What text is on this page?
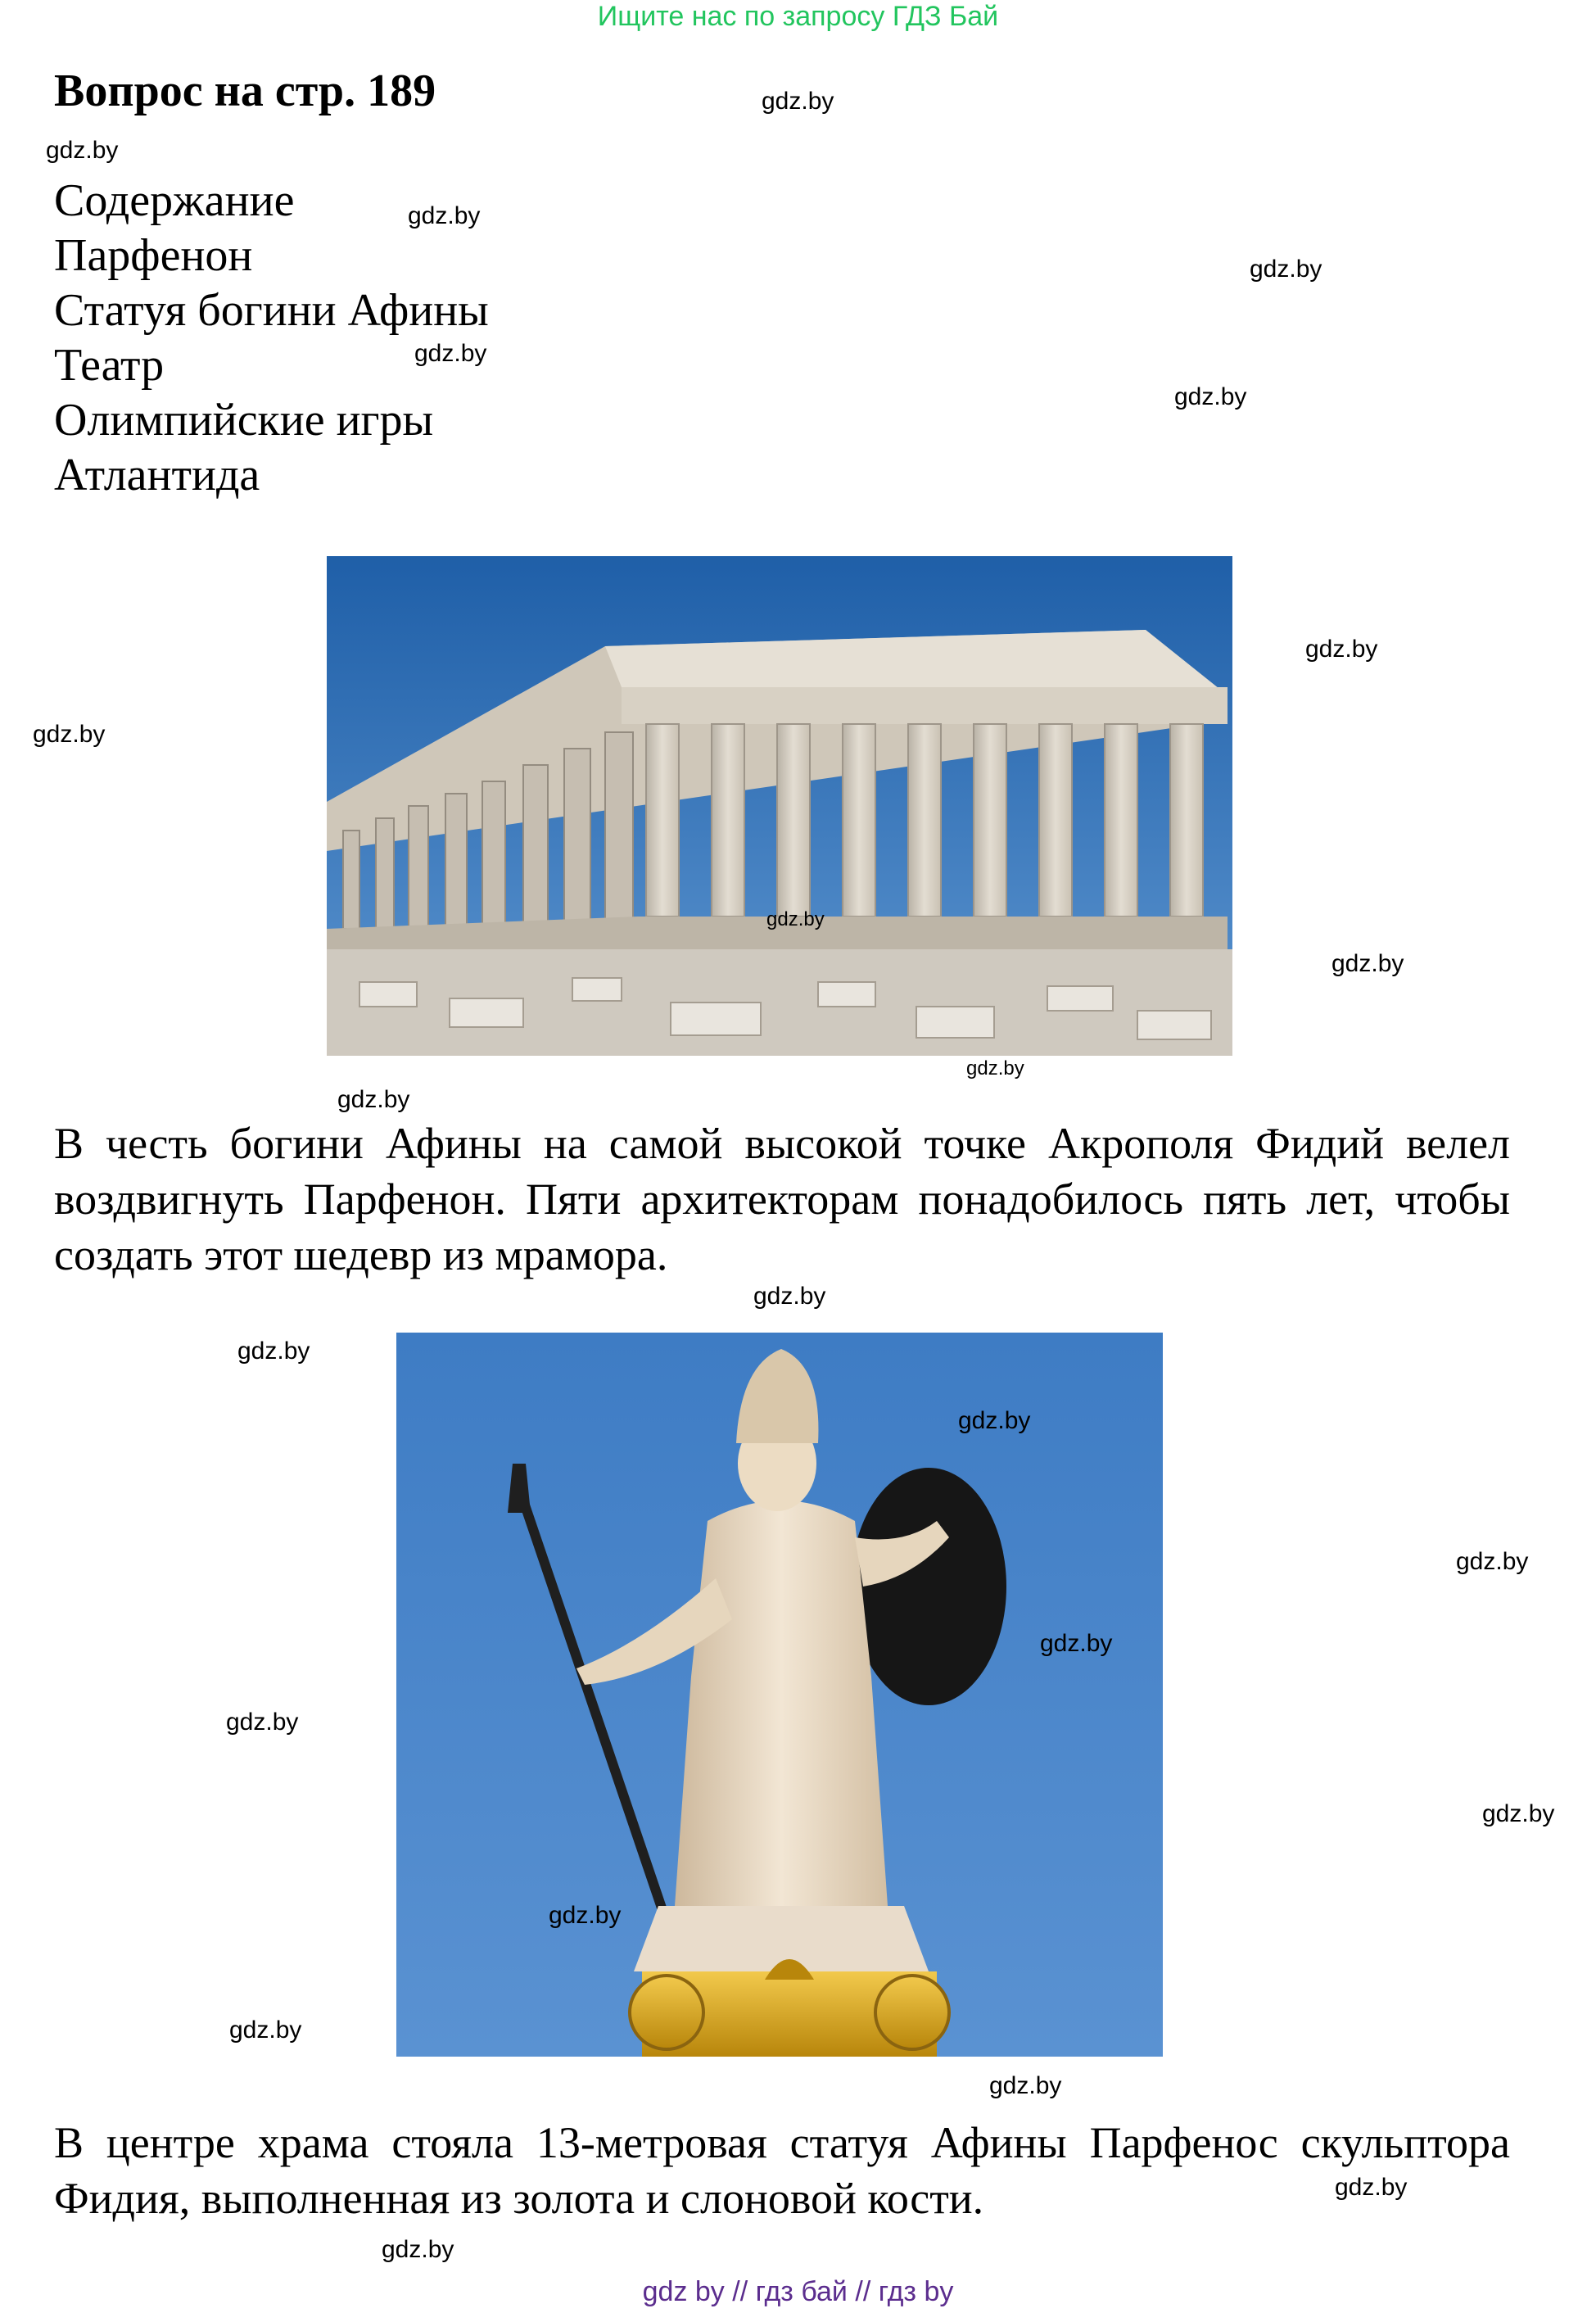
Ищите нас по запросу ГДЗ Бай
Вопрос на стр. 189
Содержание
Парфенон
Статуя богини Афины
Театр
Олимпийские игры
Атлантида
В честь богини Афины на самой высокой точке Акрополя Фидий велел воздвигнуть Парфенон. Пяти архитекторам понадобилось пять лет, чтобы создать этот шедевр из мрамора.
В центре храма стояла 13-метровая статуя Афины Парфенос скульптора Фидия, выполненная из золота и слоновой кости.
gdz.by
gdz.by
gdz.by
gdz.by
gdz.by
gdz.by
gdz.by
gdz.by
gdz.by
gdz.by
gdz.by
gdz.by
gdz.by
gdz.by
gdz.by
gdz.by
gdz.by
gdz.by
gdz.by
gdz.by
gdz.by
gdz.by
gdz.by
gdz.by
gdz by // гдз бай // гдз by
